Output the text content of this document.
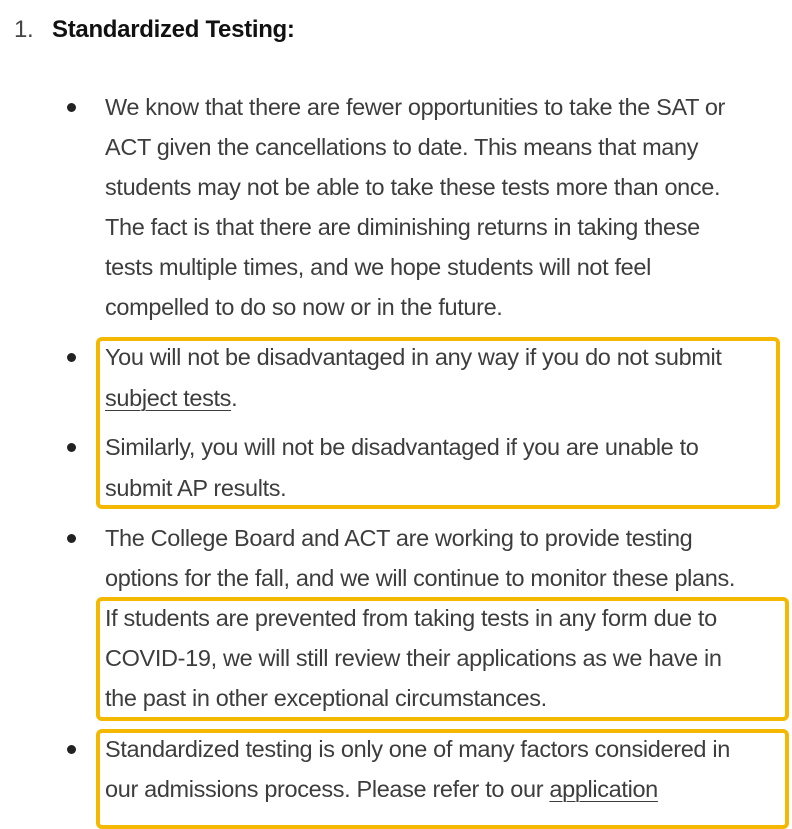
1. Standardized Testing:
We know that there are fewer opportunities to take the SAT or
ACT given the cancellations to date. This means that many
students may not be able to take these tests more than once.
The fact is that there are diminishing returns in taking these
tests multiple times, and we hope students will not feel
compelled to do so now or in the future.
You will not be disadvantaged in any way if you do not submit
subject tests.
Similarly, you will not be disadvantaged if you are unable to
submit AP results.
The College Board and ACT are working to provide testing
options for the fall, and we will continue to monitor these plans.
If students are prevented from taking tests in any form due to
COVID-19, we will still review their applications as we have in
the past in other exceptional circumstances.
Standardized testing is only one of many factors considered in
our admissions process. Please refer to our application
